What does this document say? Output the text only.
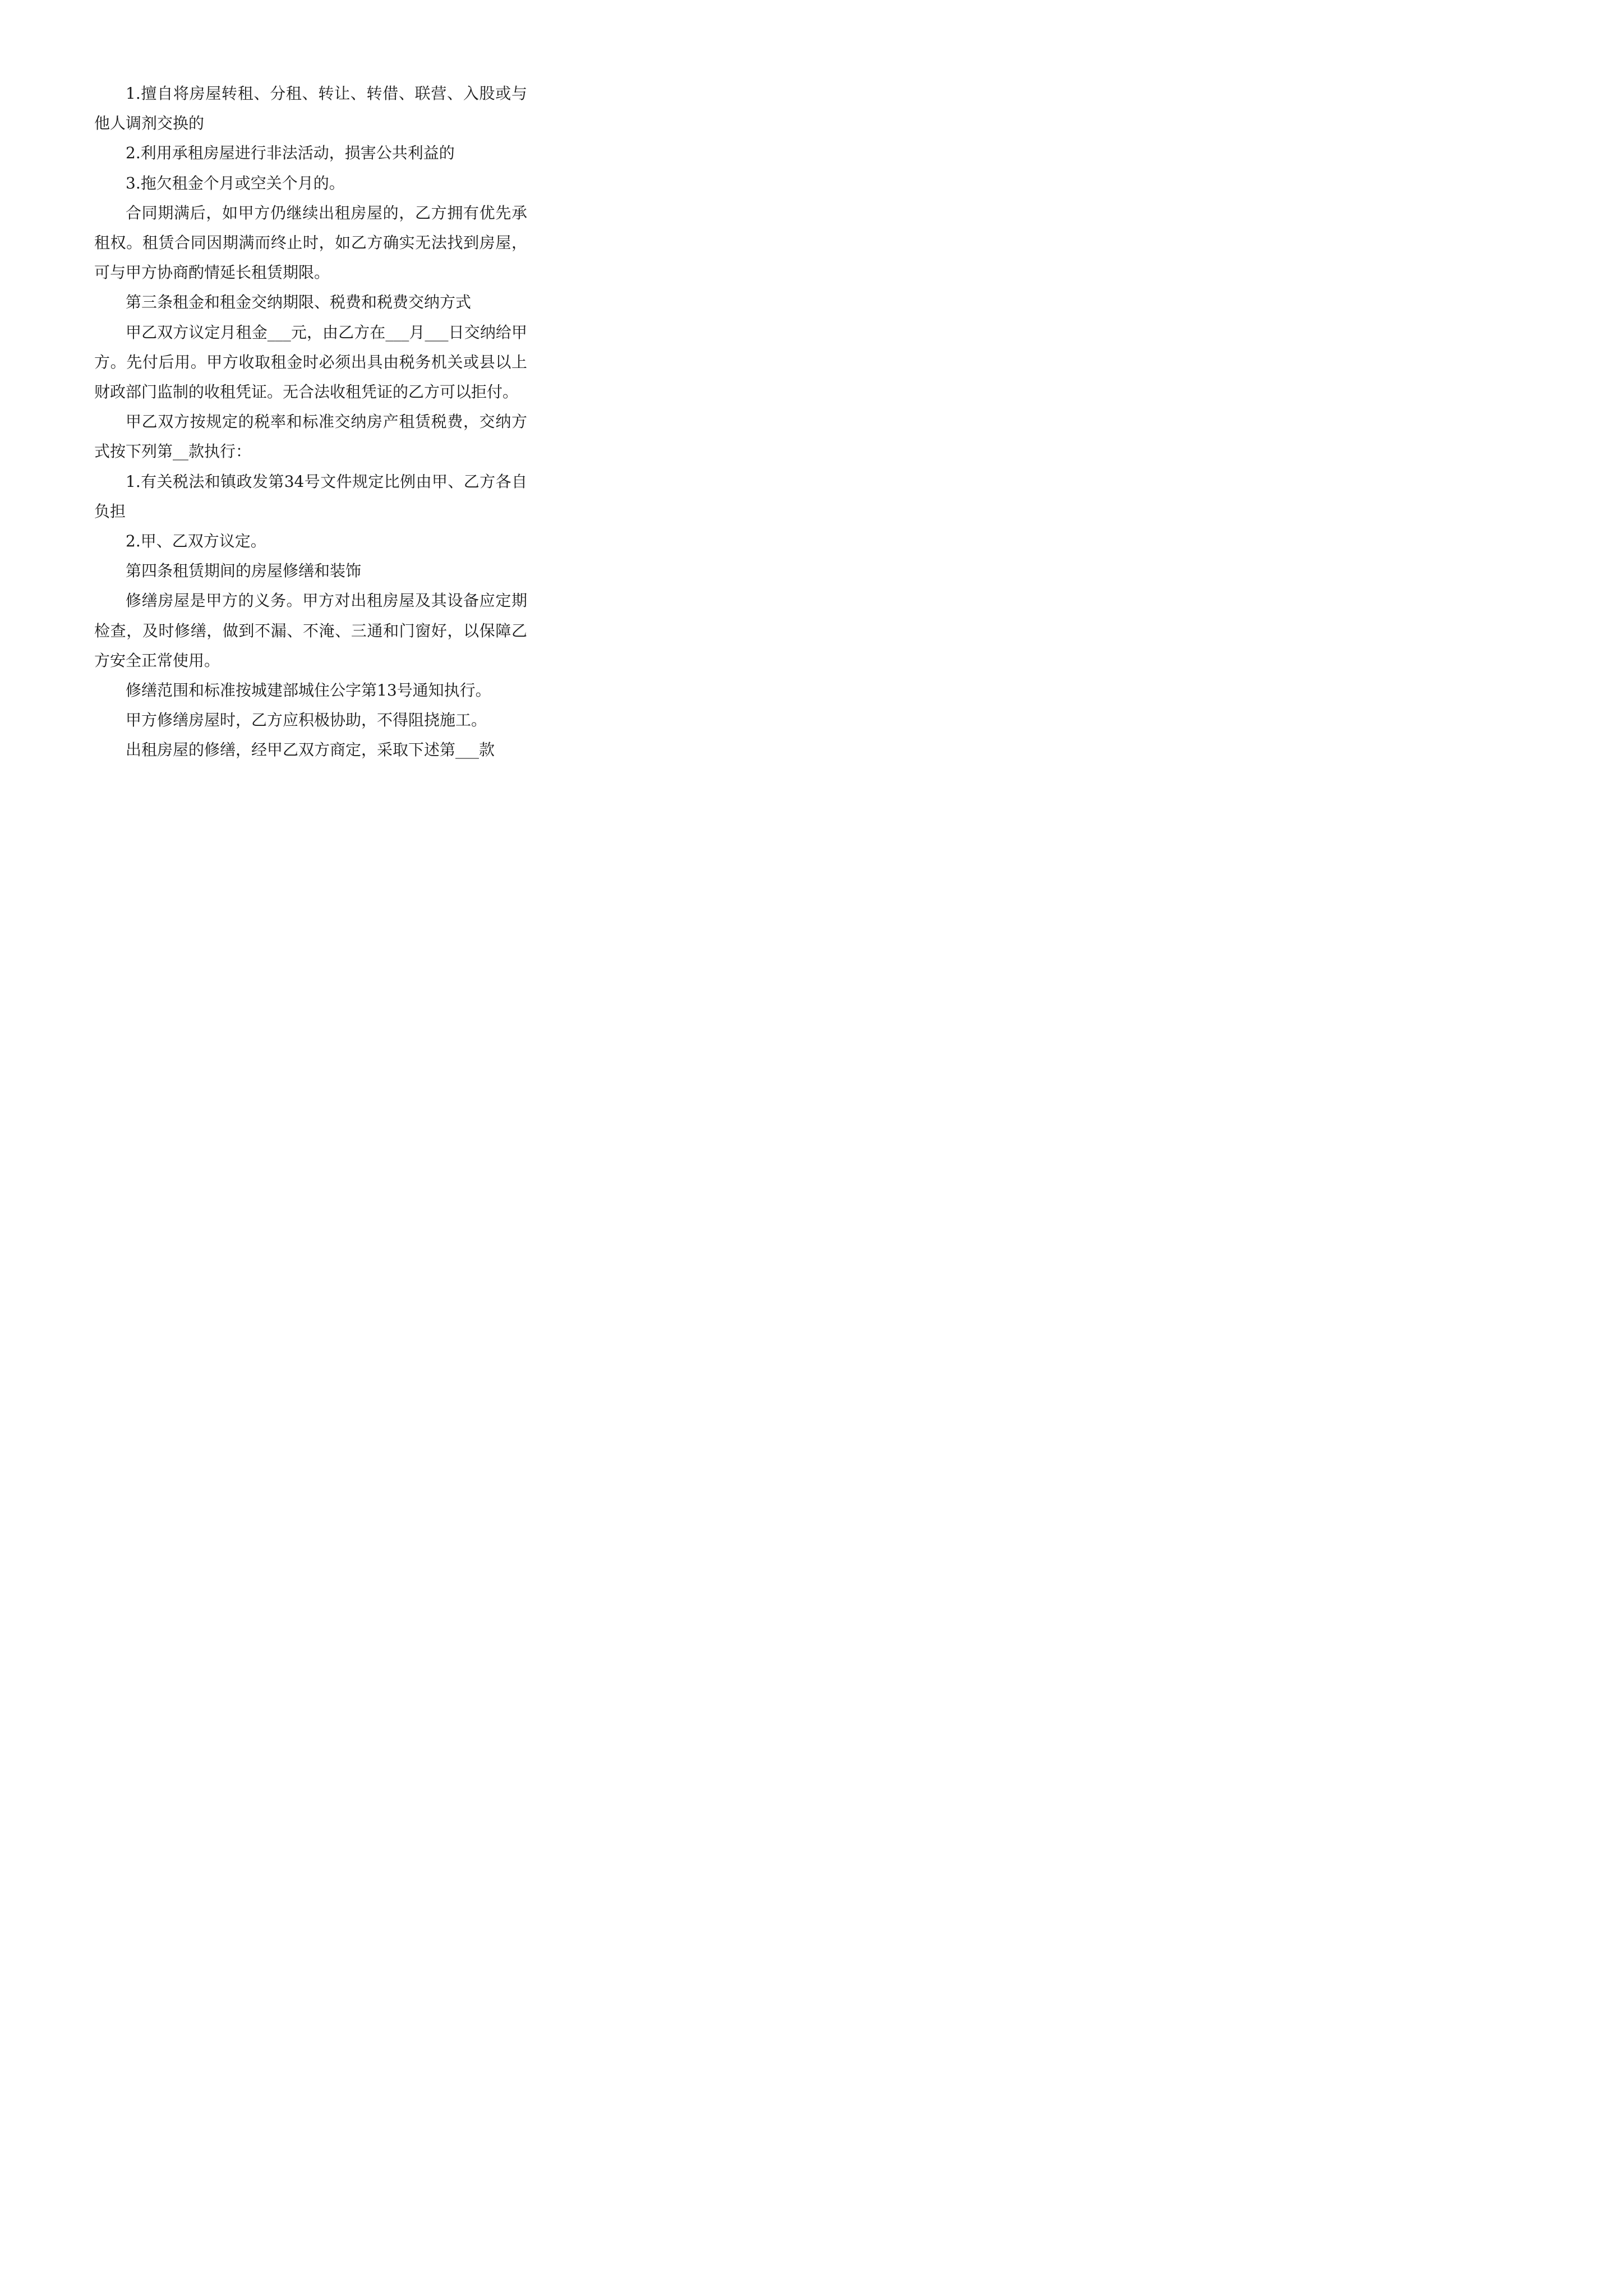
1.擅自将房屋转租、分租、转让、转借、联营、入股或与他人调剂交换的

2.利用承租房屋进行非法活动，损害公共利益的

3.拖欠租金个月或空关个月的。

合同期满后，如甲方仍继续出租房屋的，乙方拥有优先承租权。租赁合同因期满而终止时，如乙方确实无法找到房屋，可与甲方协商酌情延长租赁期限。

第三条租金和租金交纳期限、税费和税费交纳方式

甲乙双方议定月租金___元，由乙方在___月___日交纳给甲方。先付后用。甲方收取租金时必须出具由税务机关或县以上财政部门监制的收租凭证。无合法收租凭证的乙方可以拒付。

甲乙双方按规定的税率和标准交纳房产租赁税费，交纳方式按下列第__款执行：

1.有关税法和镇政发第34号文件规定比例由甲、乙方各自负担

2.甲、乙双方议定。

第四条租赁期间的房屋修缮和装饰

修缮房屋是甲方的义务。甲方对出租房屋及其设备应定期检查，及时修缮，做到不漏、不淹、三通和门窗好，以保障乙方安全正常使用。

修缮范围和标准按城建部城住公字第13号通知执行。

甲方修缮房屋时，乙方应积极协助，不得阻挠施工。

出租房屋的修缮，经甲乙双方商定，采取下述第___款
